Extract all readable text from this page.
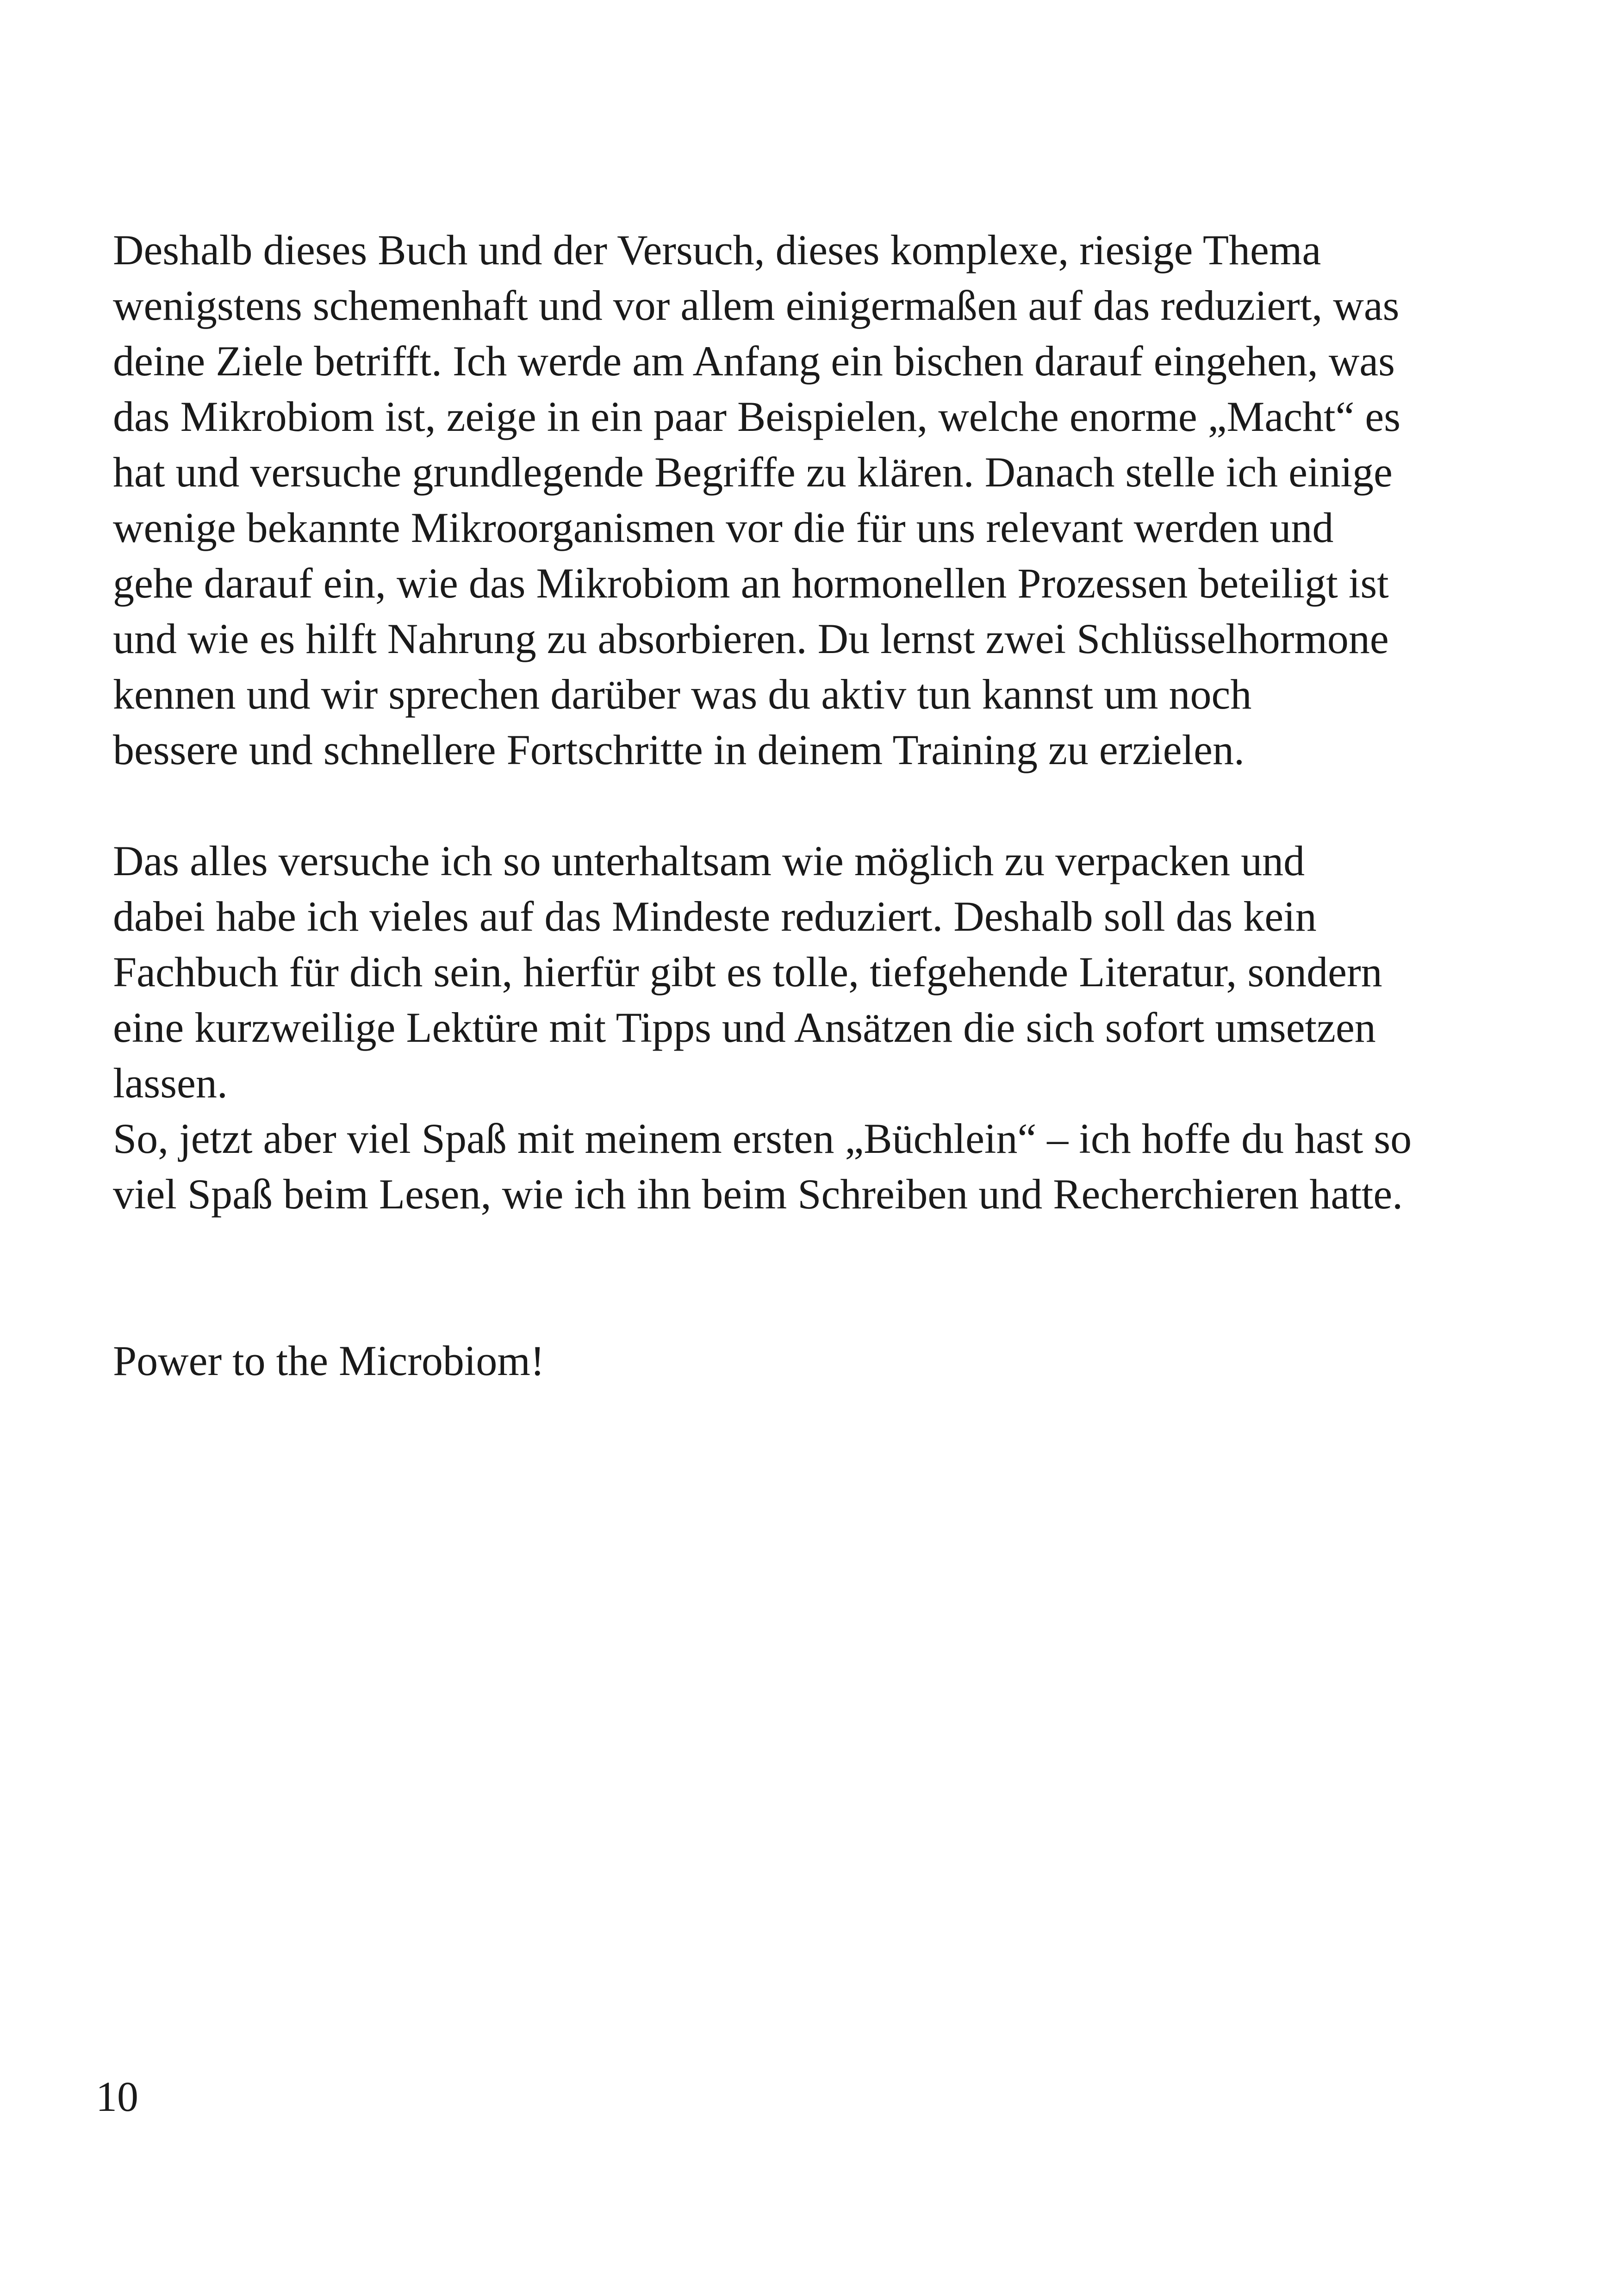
Deshalb dieses Buch und der Versuch, dieses komplexe, riesige Thema
wenigstens schemenhaft und vor allem einigermaßen auf das reduziert, was
deine Ziele betrifft. Ich werde am Anfang ein bischen darauf eingehen, was
das Mikrobiom ist, zeige in ein paar Beispielen, welche enorme „Macht“ es
hat und versuche grundlegende Begriffe zu klären. Danach stelle ich einige
wenige bekannte Mikroorganismen vor die für uns relevant werden und
gehe darauf ein, wie das Mikrobiom an hormonellen Prozessen beteiligt ist
und wie es hilft Nahrung zu absorbieren. Du lernst zwei Schlüsselhormone
kennen und wir sprechen darüber was du aktiv tun kannst um noch
bessere und schnellere Fortschritte in deinem Training zu erzielen.
Das alles versuche ich so unterhaltsam wie möglich zu verpacken und
dabei habe ich vieles auf das Mindeste reduziert. Deshalb soll das kein
Fachbuch für dich sein, hierfür gibt es tolle, tiefgehende Literatur, sondern
eine kurzweilige Lektüre mit Tipps und Ansätzen die sich sofort umsetzen
lassen.
So, jetzt aber viel Spaß mit meinem ersten „Büchlein“ – ich hoffe du hast so
viel Spaß beim Lesen, wie ich ihn beim Schreiben und Recherchieren hatte.
Power to the Microbiom!
10
